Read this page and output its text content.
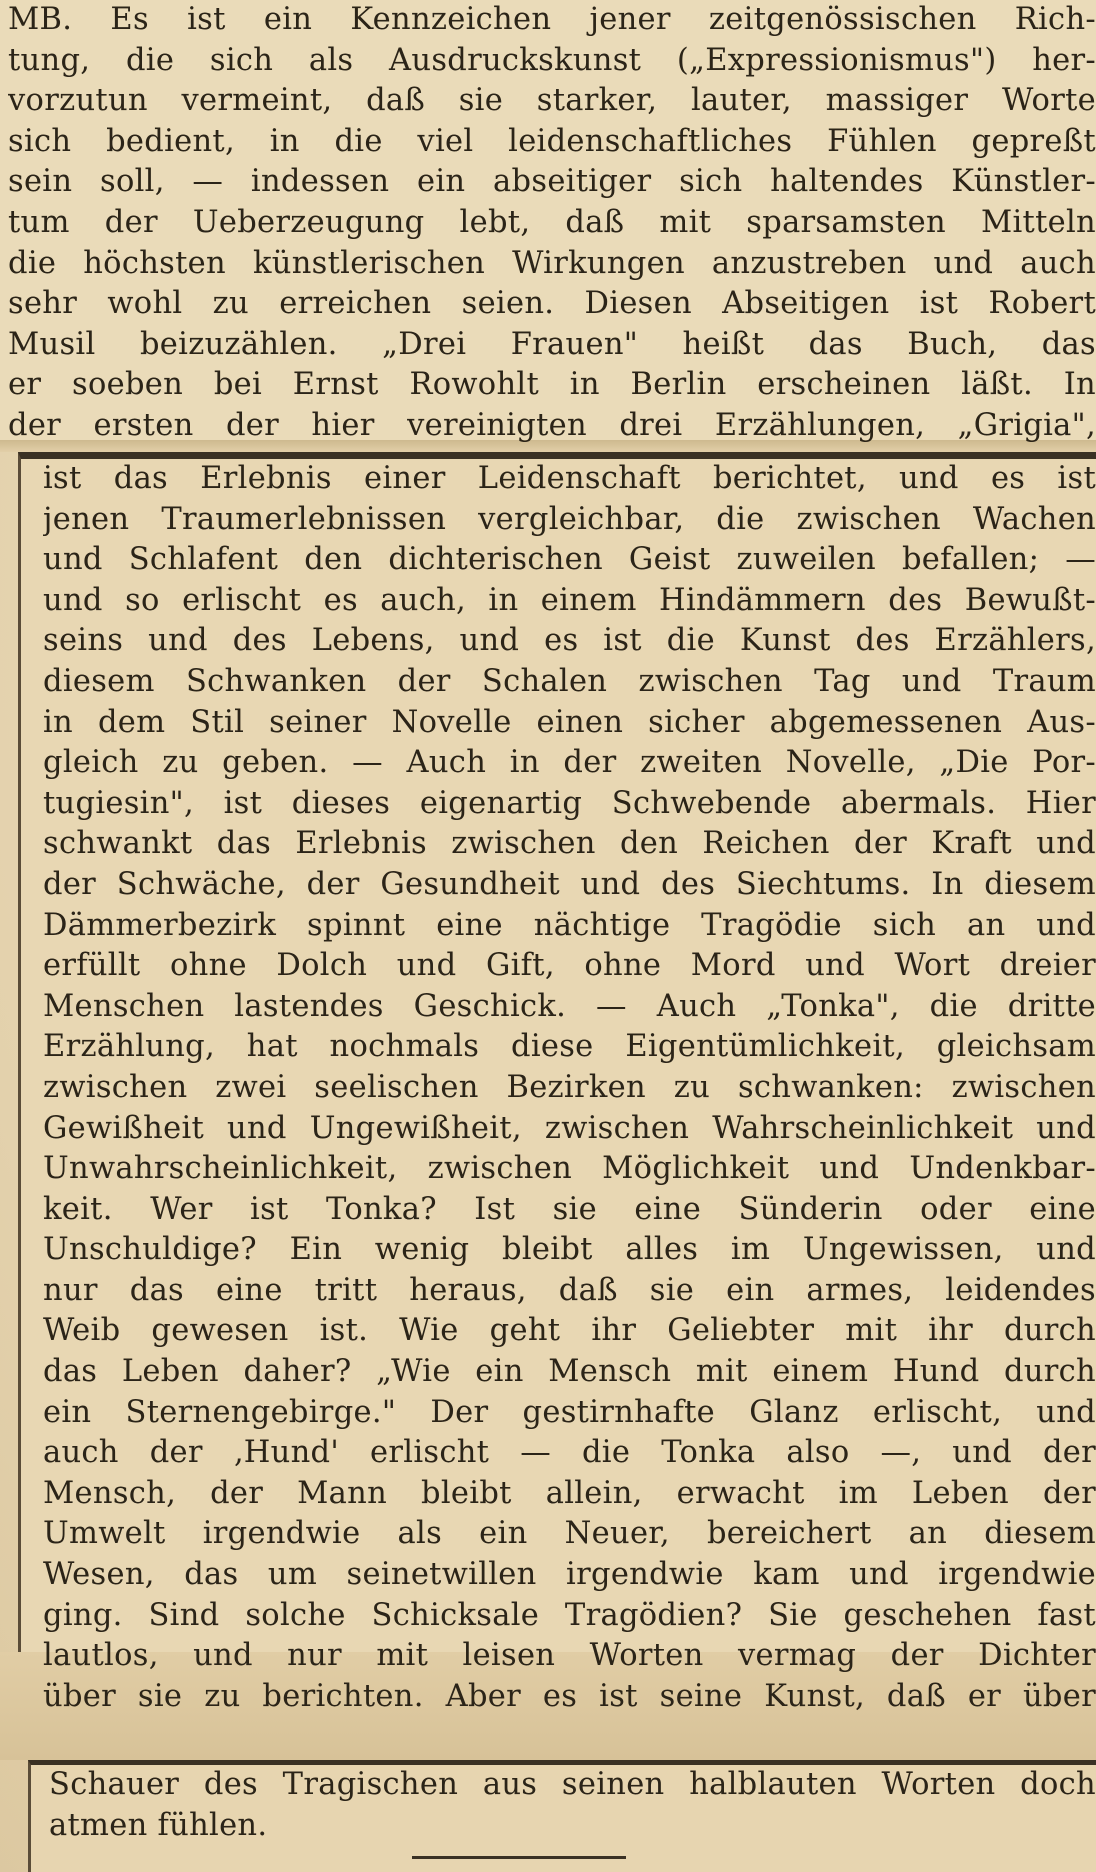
MB. Es ist ein Kennzeichen jener zeitgenössischen Rich-
tung, die sich als Ausdruckskunst („Expressionismus") her-
vorzutun vermeint, daß sie starker, lauter, massiger Worte
sich bedient, in die viel leidenschaftliches Fühlen gepreßt
sein soll, — indessen ein abseitiger sich haltendes Künstler-
tum der Ueberzeugung lebt, daß mit sparsamsten Mitteln
die höchsten künstlerischen Wirkungen anzustreben und auch
sehr wohl zu erreichen seien. Diesen Abseitigen ist Robert
Musil beizuzählen. „Drei Frauen" heißt das Buch, das
er soeben bei Ernst Rowohlt in Berlin erscheinen läßt. In
der ersten der hier vereinigten drei Erzählungen, „Grigia",
ist das Erlebnis einer Leidenschaft berichtet, und es ist
jenen Traumerlebnissen vergleichbar, die zwischen Wachen
und Schlafent den dichterischen Geist zuweilen befallen; —
und so erlischt es auch, in einem Hindämmern des Bewußt-
seins und des Lebens, und es ist die Kunst des Erzählers,
diesem Schwanken der Schalen zwischen Tag und Traum
in dem Stil seiner Novelle einen sicher abgemessenen Aus-
gleich zu geben. — Auch in der zweiten Novelle, „Die Por-
tugiesin", ist dieses eigenartig Schwebende abermals. Hier
schwankt das Erlebnis zwischen den Reichen der Kraft und
der Schwäche, der Gesundheit und des Siechtums. In diesem
Dämmerbezirk spinnt eine nächtige Tragödie sich an und
erfüllt ohne Dolch und Gift, ohne Mord und Wort dreier
Menschen lastendes Geschick. — Auch „Tonka", die dritte
Erzählung, hat nochmals diese Eigentümlichkeit, gleichsam
zwischen zwei seelischen Bezirken zu schwanken: zwischen
Gewißheit und Ungewißheit, zwischen Wahrscheinlichkeit und
Unwahrscheinlichkeit, zwischen Möglichkeit und Undenkbar-
keit. Wer ist Tonka? Ist sie eine Sünderin oder eine
Unschuldige? Ein wenig bleibt alles im Ungewissen, und
nur das eine tritt heraus, daß sie ein armes, leidendes
Weib gewesen ist. Wie geht ihr Geliebter mit ihr durch
das Leben daher? „Wie ein Mensch mit einem Hund durch
ein Sternengebirge." Der gestirnhafte Glanz erlischt, und
auch der ‚Hund' erlischt — die Tonka also —, und der
Mensch, der Mann bleibt allein, erwacht im Leben der
Umwelt irgendwie als ein Neuer, bereichert an diesem
Wesen, das um seinetwillen irgendwie kam und irgendwie
ging. Sind solche Schicksale Tragödien? Sie geschehen fast
lautlos, und nur mit leisen Worten vermag der Dichter
über sie zu berichten. Aber es ist seine Kunst, daß er über
Schauer des Tragischen aus seinen halblauten Worten doch
atmen fühlen.
